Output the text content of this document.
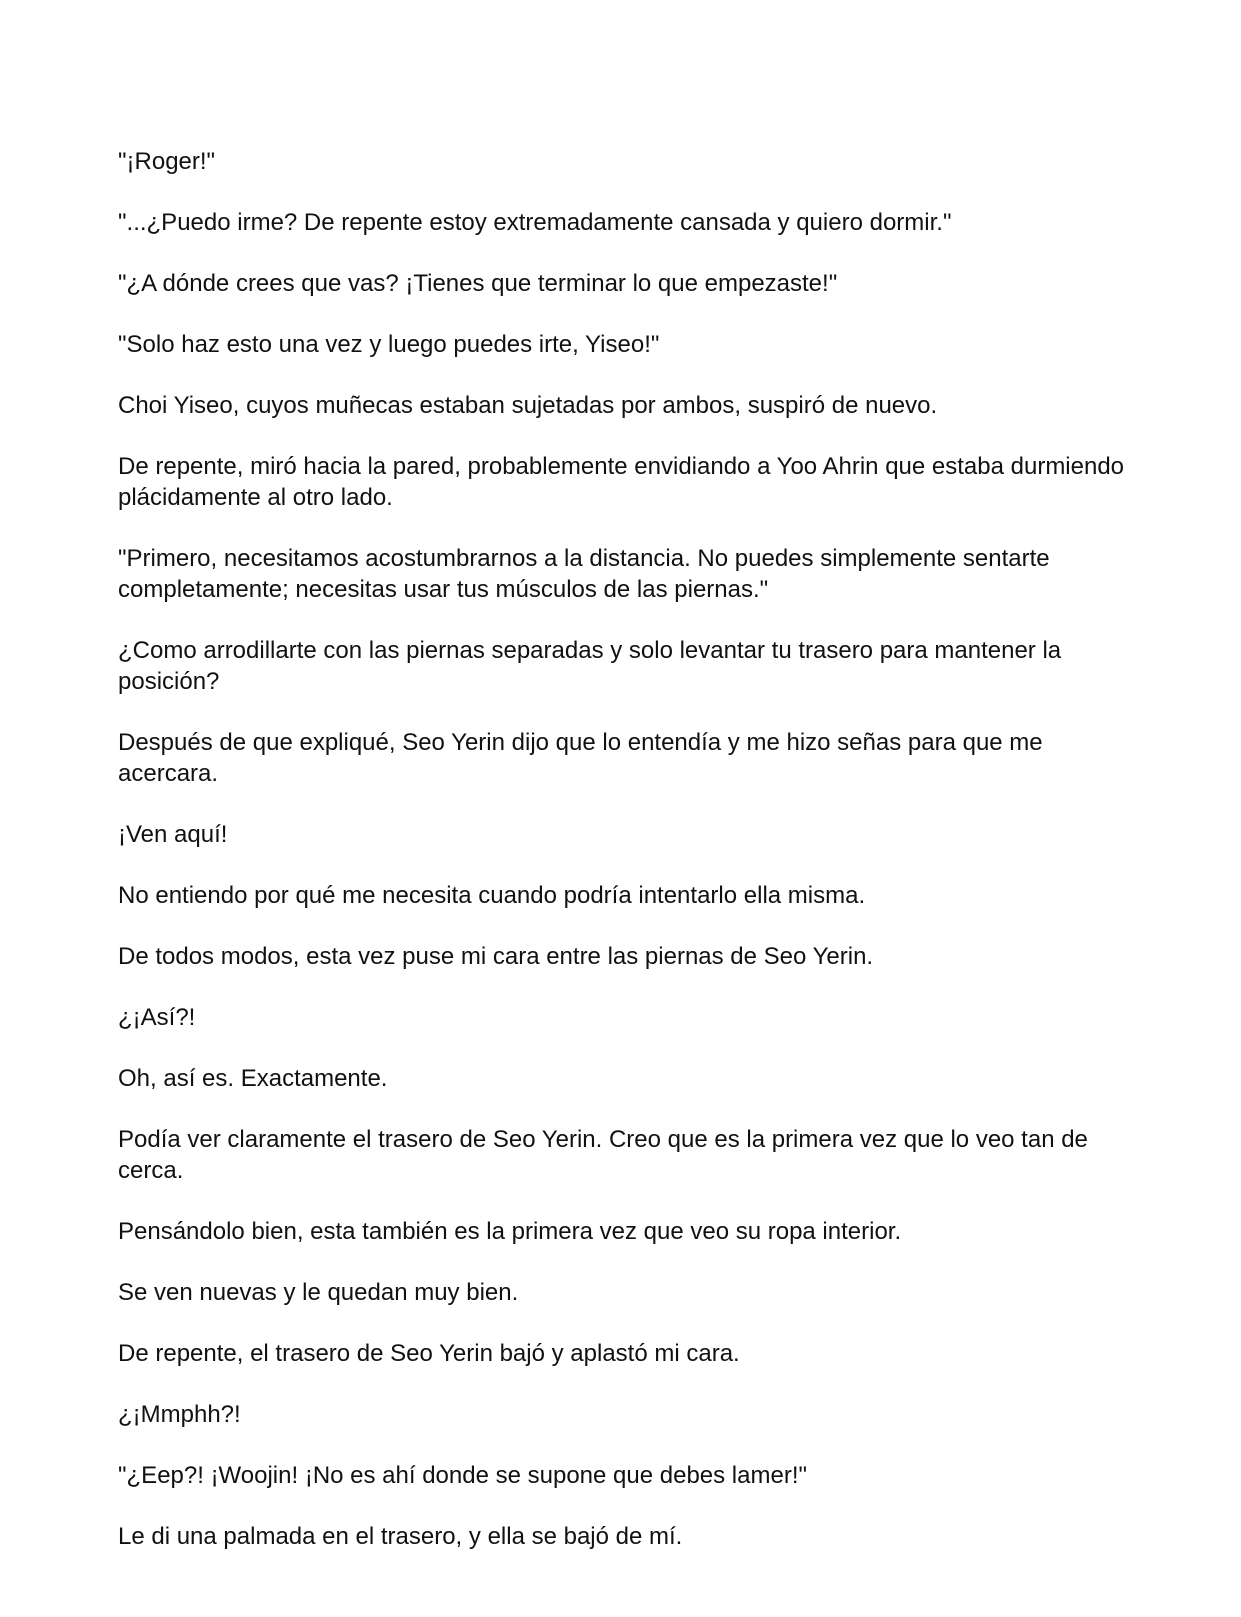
"¡Roger!"

"...¿Puedo irme? De repente estoy extremadamente cansada y quiero dormir."

"¿A dónde crees que vas? ¡Tienes que terminar lo que empezaste!"

"Solo haz esto una vez y luego puedes irte, Yiseo!"

Choi Yiseo, cuyos muñecas estaban sujetadas por ambos, suspiró de nuevo.

De repente, miró hacia la pared, probablemente envidiando a Yoo Ahrin que estaba durmiendo plácidamente al otro lado.

"Primero, necesitamos acostumbrarnos a la distancia. No puedes simplemente sentarte completamente; necesitas usar tus músculos de las piernas."

¿Como arrodillarte con las piernas separadas y solo levantar tu trasero para mantener la posición?

Después de que expliqué, Seo Yerin dijo que lo entendía y me hizo señas para que me acercara.

¡Ven aquí!

No entiendo por qué me necesita cuando podría intentarlo ella misma.

De todos modos, esta vez puse mi cara entre las piernas de Seo Yerin.

¿¡Así?!

Oh, así es. Exactamente.

Podía ver claramente el trasero de Seo Yerin. Creo que es la primera vez que lo veo tan de cerca.

Pensándolo bien, esta también es la primera vez que veo su ropa interior.

Se ven nuevas y le quedan muy bien.

De repente, el trasero de Seo Yerin bajó y aplastó mi cara.

¿¡Mmphh?!

"¿Eep?! ¡Woojin! ¡No es ahí donde se supone que debes lamer!"

Le di una palmada en el trasero, y ella se bajó de mí.
